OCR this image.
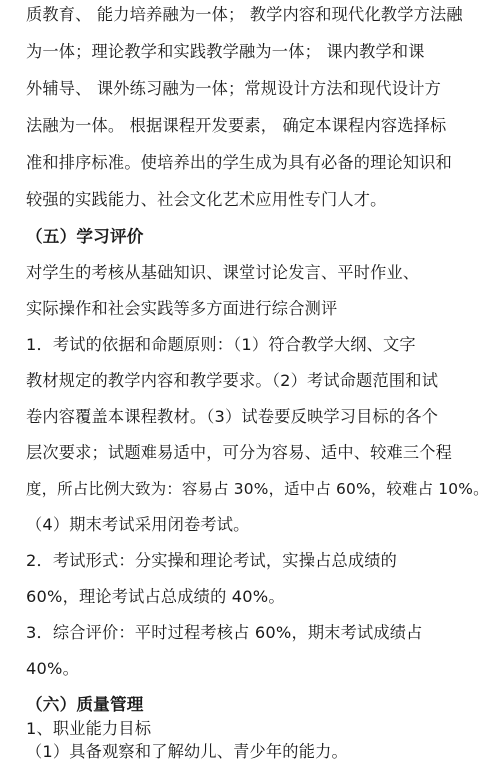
质教育、 能力培养融为一体； 教学内容和现代化教学方法融
为一体；理论教学和实践教学融为一体； 课内教学和课
外辅导、 课外练习融为一体；常规设计方法和现代设计方
法融为一体。 根据课程开发要素， 确定本课程内容选择标
准和排序标准。使培养出的学生成为具有必备的理论知识和
较强的实践能力、社会文化艺术应用性专门人才。
（五）学习评价
对学生的考核从基础知识、课堂讨论发言、平时作业、
实际操作和社会实践等多方面进行综合测评
1．考试的依据和命题原则：（1）符合教学大纲、文字
教材规定的教学内容和教学要求。（2）考试命题范围和试
卷内容覆盖本课程教材。（3）试卷要反映学习目标的各个
层次要求；试题难易适中，可分为容易、适中、较难三个程
度，所占比例大致为：容易占 30%，适中占 60%，较难占 10%。
（4）期末考试采用闭卷考试。
2．考试形式：分实操和理论考试，实操占总成绩的
60%，理论考试占总成绩的 40%。
3．综合评价：平时过程考核占 60%，期末考试成绩占
40%。
（六）质量管理
1、职业能力目标
（1）具备观察和了解幼儿、青少年的能力。
